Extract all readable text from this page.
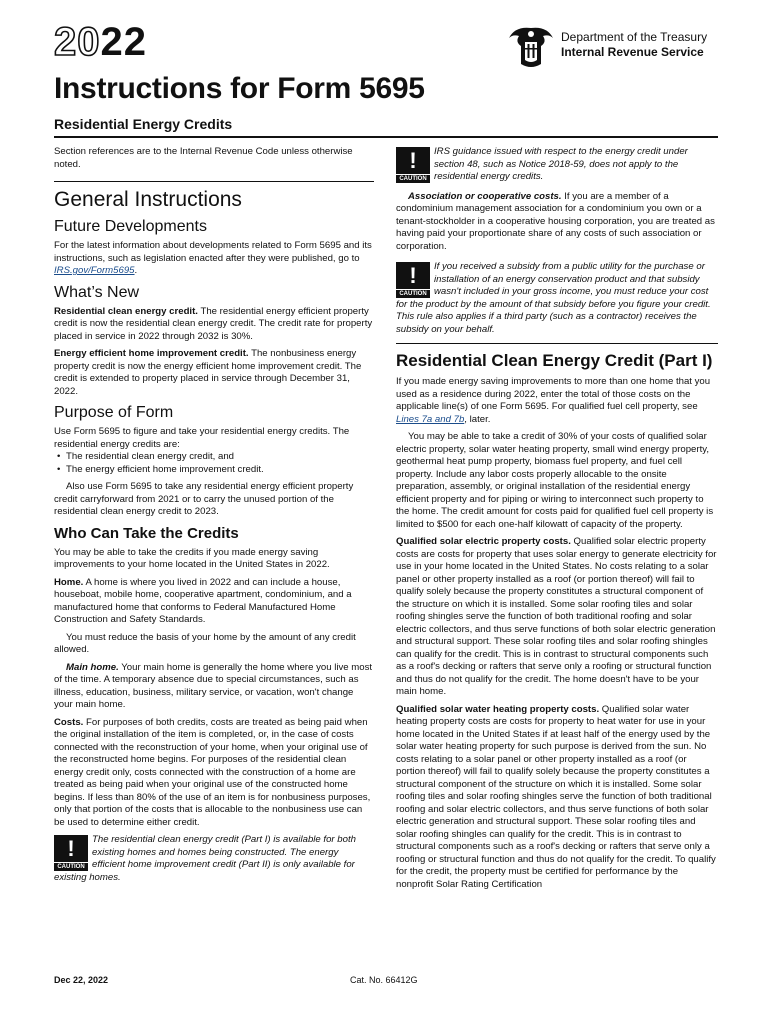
2022	Department of the Treasury
Internal Revenue Service
Instructions for Form 5695
Residential Energy Credits

Section references are to the Internal Revenue Code unless otherwise noted.

General Instructions
Future Developments

For the latest information about developments related to Form 5695 and its instructions, such as legislation enacted after they were published, go to IRS.gov/Form5695.

What’s New

Residential clean energy credit. The residential energy efficient property credit is now the residential clean energy credit. The credit rate for property placed in service in 2022 through 2032 is 30%.

Energy efficient home improvement credit. The nonbusiness energy property credit is now the energy efficient home improvement credit. The credit is extended to property placed in service through December 31, 2022.

Purpose of Form

Use Form 5695 to figure and take your residential energy credits. The residential energy credits are:

• The residential clean energy credit, and
• The energy efficient home improvement credit.

Also use Form 5695 to take any residential energy efficient property credit carryforward from 2021 or to carry the unused portion of the residential clean energy credit to 2023.

Who Can Take the Credits

You may be able to take the credits if you made energy saving improvements to your home located in the United States in 2022.

Home. A home is where you lived in 2022 and can include a house, houseboat, mobile home, cooperative apartment, condominium, and a manufactured home that conforms to Federal Manufactured Home Construction and Safety Standards.

You must reduce the basis of your home by the amount of any credit allowed.

Main home. Your main home is generally the home where you live most of the time. A temporary absence due to special circumstances, such as illness, education, business, military service, or vacation, won't change your main home.

Costs. For purposes of both credits, costs are treated as being paid when the original installation of the item is completed, or, in the case of costs connected with the reconstruction of your home, when your original use of the reconstructed home begins. For purposes of the residential clean energy credit only, costs connected with the construction of a home are treated as being paid when your original use of the constructed home begins. If less than 80% of the use of an item is for nonbusiness purposes, only that portion of the costs that is allocable to the nonbusiness use can be used to determine either credit.

!
CAUTION
The residential clean energy credit (Part I) is available for both existing homes and homes being constructed. The energy efficient home improvement credit (Part II) is only available for existing homes.
!
CAUTION
IRS guidance issued with respect to the energy credit under section 48, such as Notice 2018-59, does not apply to the residential energy credits.

Association or cooperative costs. If you are a member of a condominium management association for a condominium you own or a tenant-stockholder in a cooperative housing corporation, you are treated as having paid your proportionate share of any costs of such association or corporation.

!
CAUTION
If you received a subsidy from a public utility for the purchase or installation of an energy conservation product and that subsidy wasn't included in your gross income, you must reduce your cost for the product by the amount of that subsidy before you figure your credit. This rule also applies if a third party (such as a contractor) receives the subsidy on your behalf.
Residential Clean Energy Credit (Part I)

If you made energy saving improvements to more than one home that you used as a residence during 2022, enter the total of those costs on the applicable line(s) of one Form 5695. For qualified fuel cell property, see Lines 7a and 7b, later.

You may be able to take a credit of 30% of your costs of qualified solar electric property, solar water heating property, small wind energy property, geothermal heat pump property, biomass fuel property, and fuel cell property. Include any labor costs properly allocable to the onsite preparation, assembly, or original installation of the residential energy efficient property and for piping or wiring to interconnect such property to the home. The credit amount for costs paid for qualified fuel cell property is limited to $500 for each one-half kilowatt of capacity of the property.

Qualified solar electric property costs. Qualified solar electric property costs are costs for property that uses solar energy to generate electricity for use in your home located in the United States. No costs relating to a solar panel or other property installed as a roof (or portion thereof) will fail to qualify solely because the property constitutes a structural component of the structure on which it is installed. Some solar roofing tiles and solar roofing shingles serve the function of both traditional roofing and solar electric collectors, and thus serve functions of both solar electric generation and structural support. These solar roofing tiles and solar roofing shingles can qualify for the credit. This is in contrast to structural components such as a roof's decking or rafters that serve only a roofing or structural function and thus do not qualify for the credit. The home doesn't have to be your main home.

Qualified solar water heating property costs. Qualified solar water heating property costs are costs for property to heat water for use in your home located in the United States if at least half of the energy used by the solar water heating property for such purpose is derived from the sun. No costs relating to a solar panel or other property installed as a roof (or portion thereof) will fail to qualify solely because the property constitutes a structural component of the structure on which it is installed. Some solar roofing tiles and solar roofing shingles serve the function of both traditional roofing and solar electric collectors, and thus serve functions of both solar electric generation and structural support. These solar roofing tiles and solar roofing shingles can qualify for the credit. This is in contrast to structural components such as a roof's decking or rafters that serve only a roofing or structural function and thus do not qualify for the credit. To qualify for the credit, the property must be certified for performance by the nonprofit Solar Rating Certification

Dec 22, 2022	Cat. No. 66412G
